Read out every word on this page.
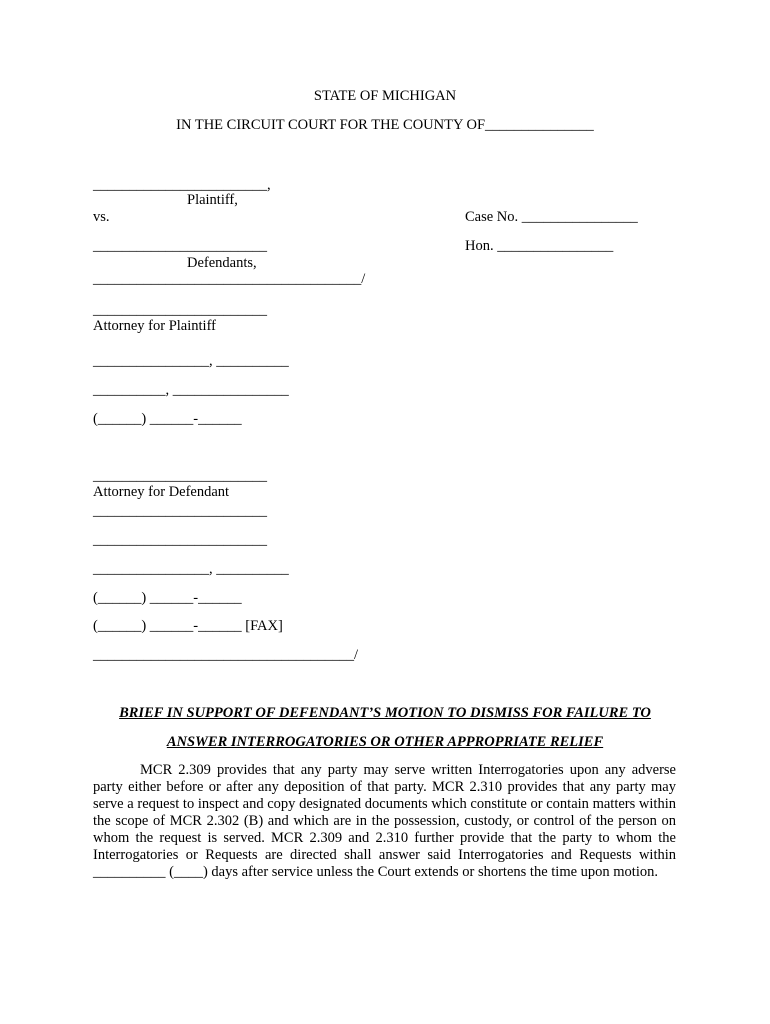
STATE OF MICHIGAN
IN THE CIRCUIT COURT FOR THE COUNTY OF_______________
________________________,
Plaintiff,
vs.	Case No. ________________
________________________	Hon. ________________
Defendants,
_____________________________________/
________________________
Attorney for Plaintiff
________________, __________
__________, ________________
(______) ______-______
________________________
Attorney for Defendant
________________________
________________________
________________, __________
(______) ______-______
(______) ______-______ [FAX]
____________________________________/
BRIEF IN SUPPORT OF DEFENDANT’S MOTION TO DISMISS FOR FAILURE TO
ANSWER INTERROGATORIES OR OTHER APPROPRIATE RELIEF
MCR 2.309 provides that any party may serve written Interrogatories upon any adverse party either before or after any deposition of that party. MCR 2.310 provides that any party may serve a request to inspect and copy designated documents which constitute or contain matters within the scope of MCR 2.302 (B) and which are in the possession, custody, or control of the person on whom the request is served. MCR 2.309 and 2.310 further provide that the party to whom the Interrogatories or Requests are directed shall answer said Interrogatories and Requests within __________ (____) days after service unless the Court extends or shortens the time upon motion.
